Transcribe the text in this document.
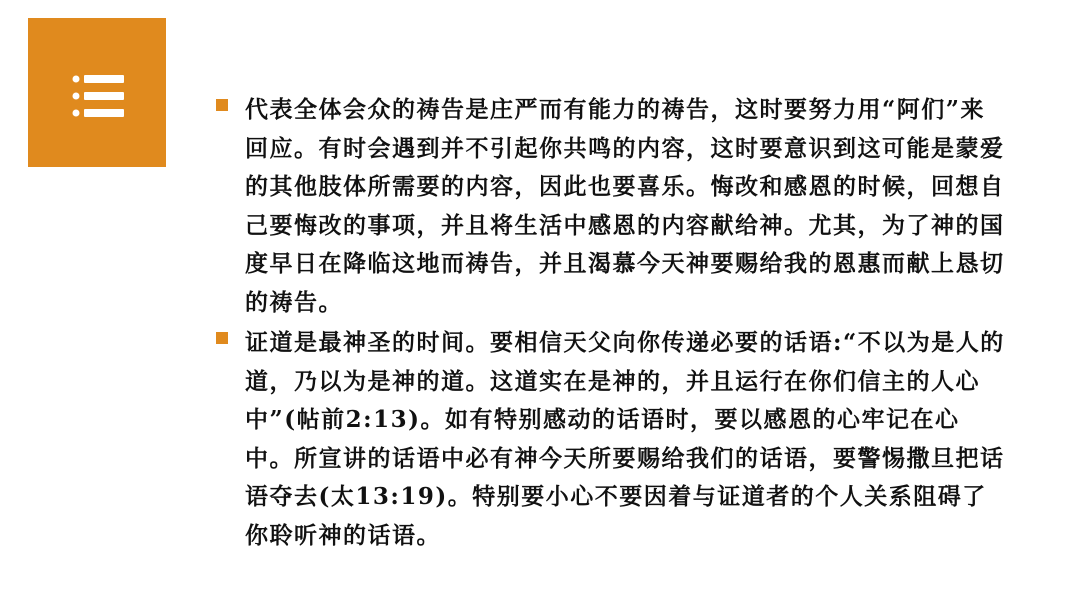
代表全体会众的祷告是庄严而有能力的祷告，这时要努力用“阿们”来回应。有时会遇到并不引起你共鸣的内容，这时要意识到这可能是蒙爱的其他肢体所需要的内容，因此也要喜乐。悔改和感恩的时候，回想自己要悔改的事项，并且将生活中感恩的内容献给神。尤其，为了神的国度早日在降临这地而祷告，并且渴慕今天神要赐给我的恩惠而献上恳切的祷告。
证道是最神圣的时间。要相信天父向你传递必要的话语:“不以为是人的道，乃以为是神的道。这道实在是神的，并且运行在你们信主的人心中”(帖前2:13)。如有特别感动的话语时，要以感恩的心牢记在心中。所宣讲的话语中必有神今天所要赐给我们的话语，要警惕撒旦把话语夺去(太13:19)。特别要小心不要因着与证道者的个人关系阻碍了你聆听神的话语。
